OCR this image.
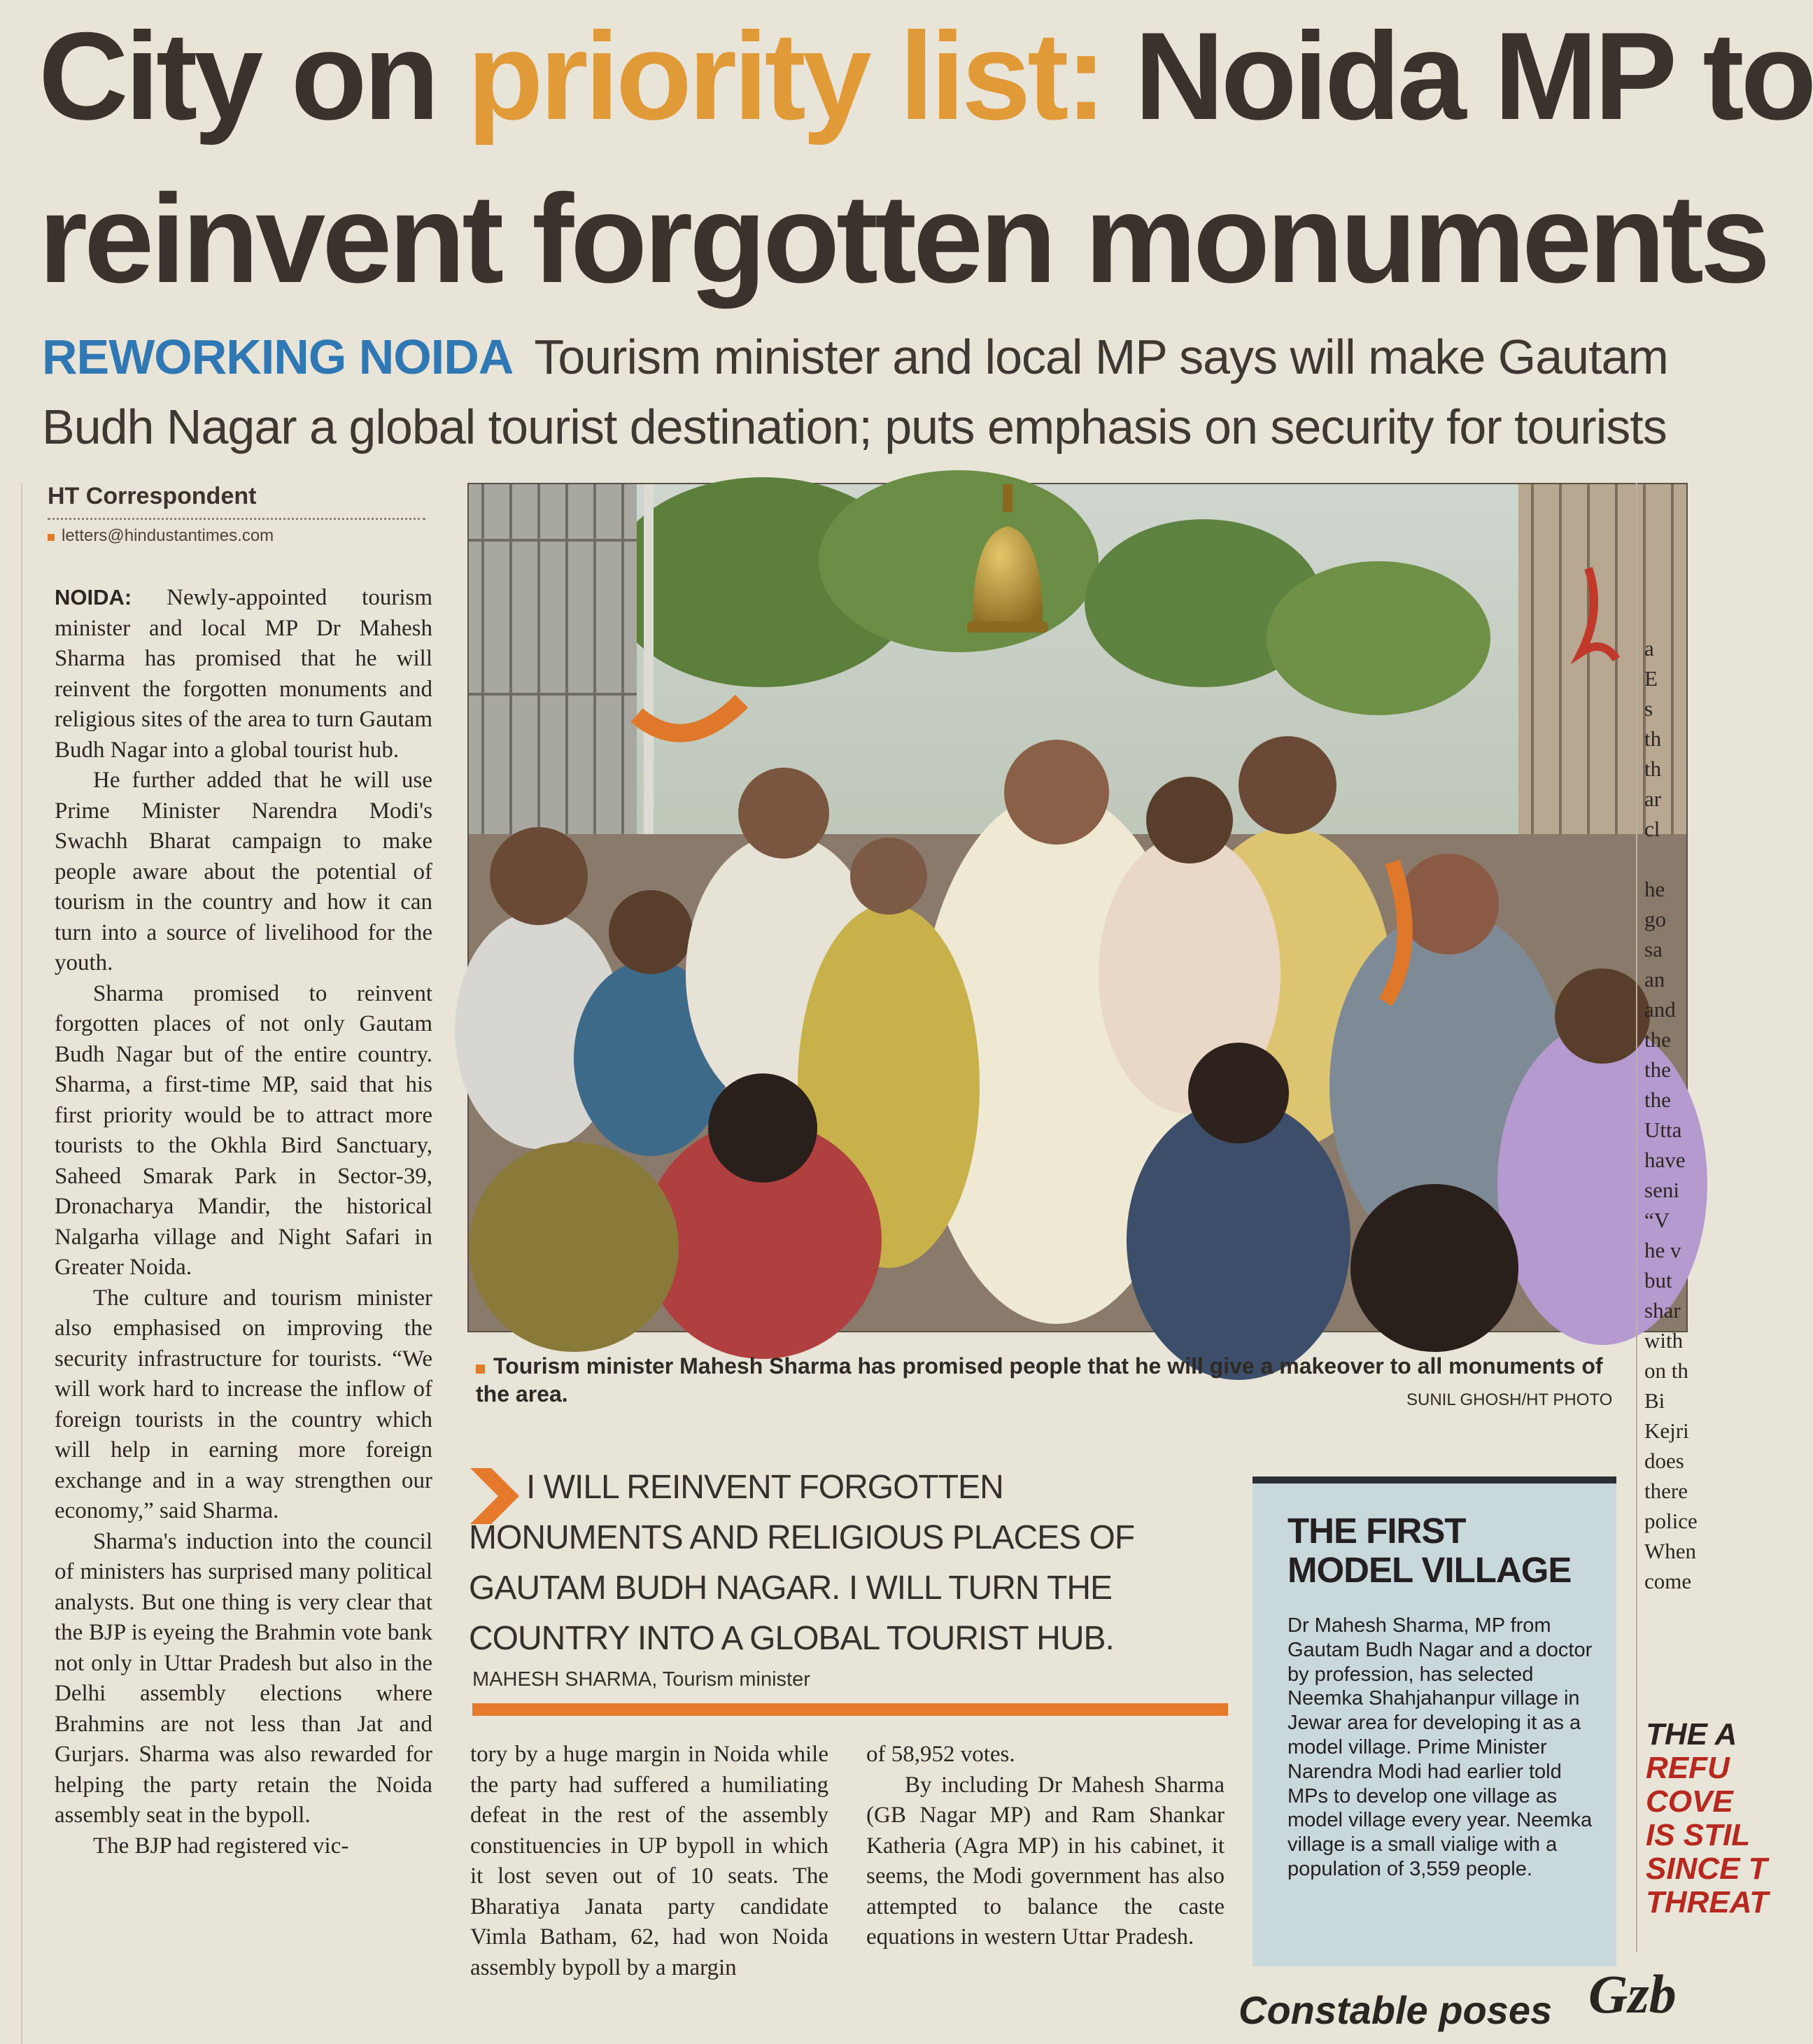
City on priority list: Noida MP to
reinvent forgotten monuments
REWORKING NOIDA Tourism minister and local MP says will make Gautam
Budh Nagar a global tourist destination; puts emphasis on security for tourists
HT Correspondent
letters@hindustantimes.com

NOIDA: Newly-appointed tourism minister and local MP Dr Mahesh Sharma has promised that he will reinvent the forgotten monuments and religious sites of the area to turn Gautam Budh Nagar into a global tourist hub.

He further added that he will use Prime Minister Narendra Modi's Swachh Bharat campaign to make people aware about the potential of tourism in the country and how it can turn into a source of livelihood for the youth.

Sharma promised to reinvent forgotten places of not only Gautam Budh Nagar but of the entire country. Sharma, a first-time MP, said that his first priority would be to attract more tourists to the Okhla Bird Sanctuary, Saheed Smarak Park in Sector-39, Dronacharya Mandir, the historical Nalgarha village and Night Safari in Greater Noida.

The culture and tourism minister also emphasised on improving the security infrastructure for tourists. “We will work hard to increase the inflow of foreign tourists in the country which will help in earning more foreign exchange and in a way strengthen our economy,” said Sharma.

Sharma's induction into the council of ministers has surprised many political analysts. But one thing is very clear that the BJP is eyeing the Brahmin vote bank not only in Uttar Pradesh but also in the Delhi assembly elections where Brahmins are not less than Jat and Gurjars. Sharma was also rewarded for helping the party retain the Noida assembly seat in the bypoll.

The BJP had registered vic-

Tourism minister Mahesh Sharma has promised people that he will give a makeover to all monuments of the area.	SUNIL GHOSH/HT PHOTO
I WILL REINVENT FORGOTTEN MONUMENTS AND RELIGIOUS PLACES OF GAUTAM BUDH NAGAR. I WILL TURN THE COUNTRY INTO A GLOBAL TOURIST HUB.
MAHESH SHARMA, Tourism minister

tory by a huge margin in Noida while the party had suffered a humiliating defeat in the rest of the assembly constituencies in UP bypoll in which it lost seven out of 10 seats. The Bharatiya Janata party candidate Vimla Batham, 62, had won Noida assembly bypoll by a margin

of 58,952 votes.

By including Dr Mahesh Sharma (GB Nagar MP) and Ram Shankar Katheria (Agra MP) in his cabinet, it seems, the Modi government has also attempted to balance the caste equations in western Uttar Pradesh.

THE FIRST MODEL VILLAGE
Dr Mahesh Sharma, MP from Gautam Budh Nagar and a doctor by profession, has selected Neemka Shahjahanpur village in Jewar area for developing it as a model village. Prime Minister Narendra Modi had earlier told MPs to develop one village as model village every year. Neemka village is a small vialige with a population of 3,559 people.
a
E
s
th
th
ar
cl
he
go
sa
an
and
the
the
the
Utta
have
seni
“V
he v
but
shar
with
on th
Bi
Kejri
does
there
police
When
come
THE A
REFU
COVE
IS STIL
SINCE T
THREAT
Constable poses Gzb
